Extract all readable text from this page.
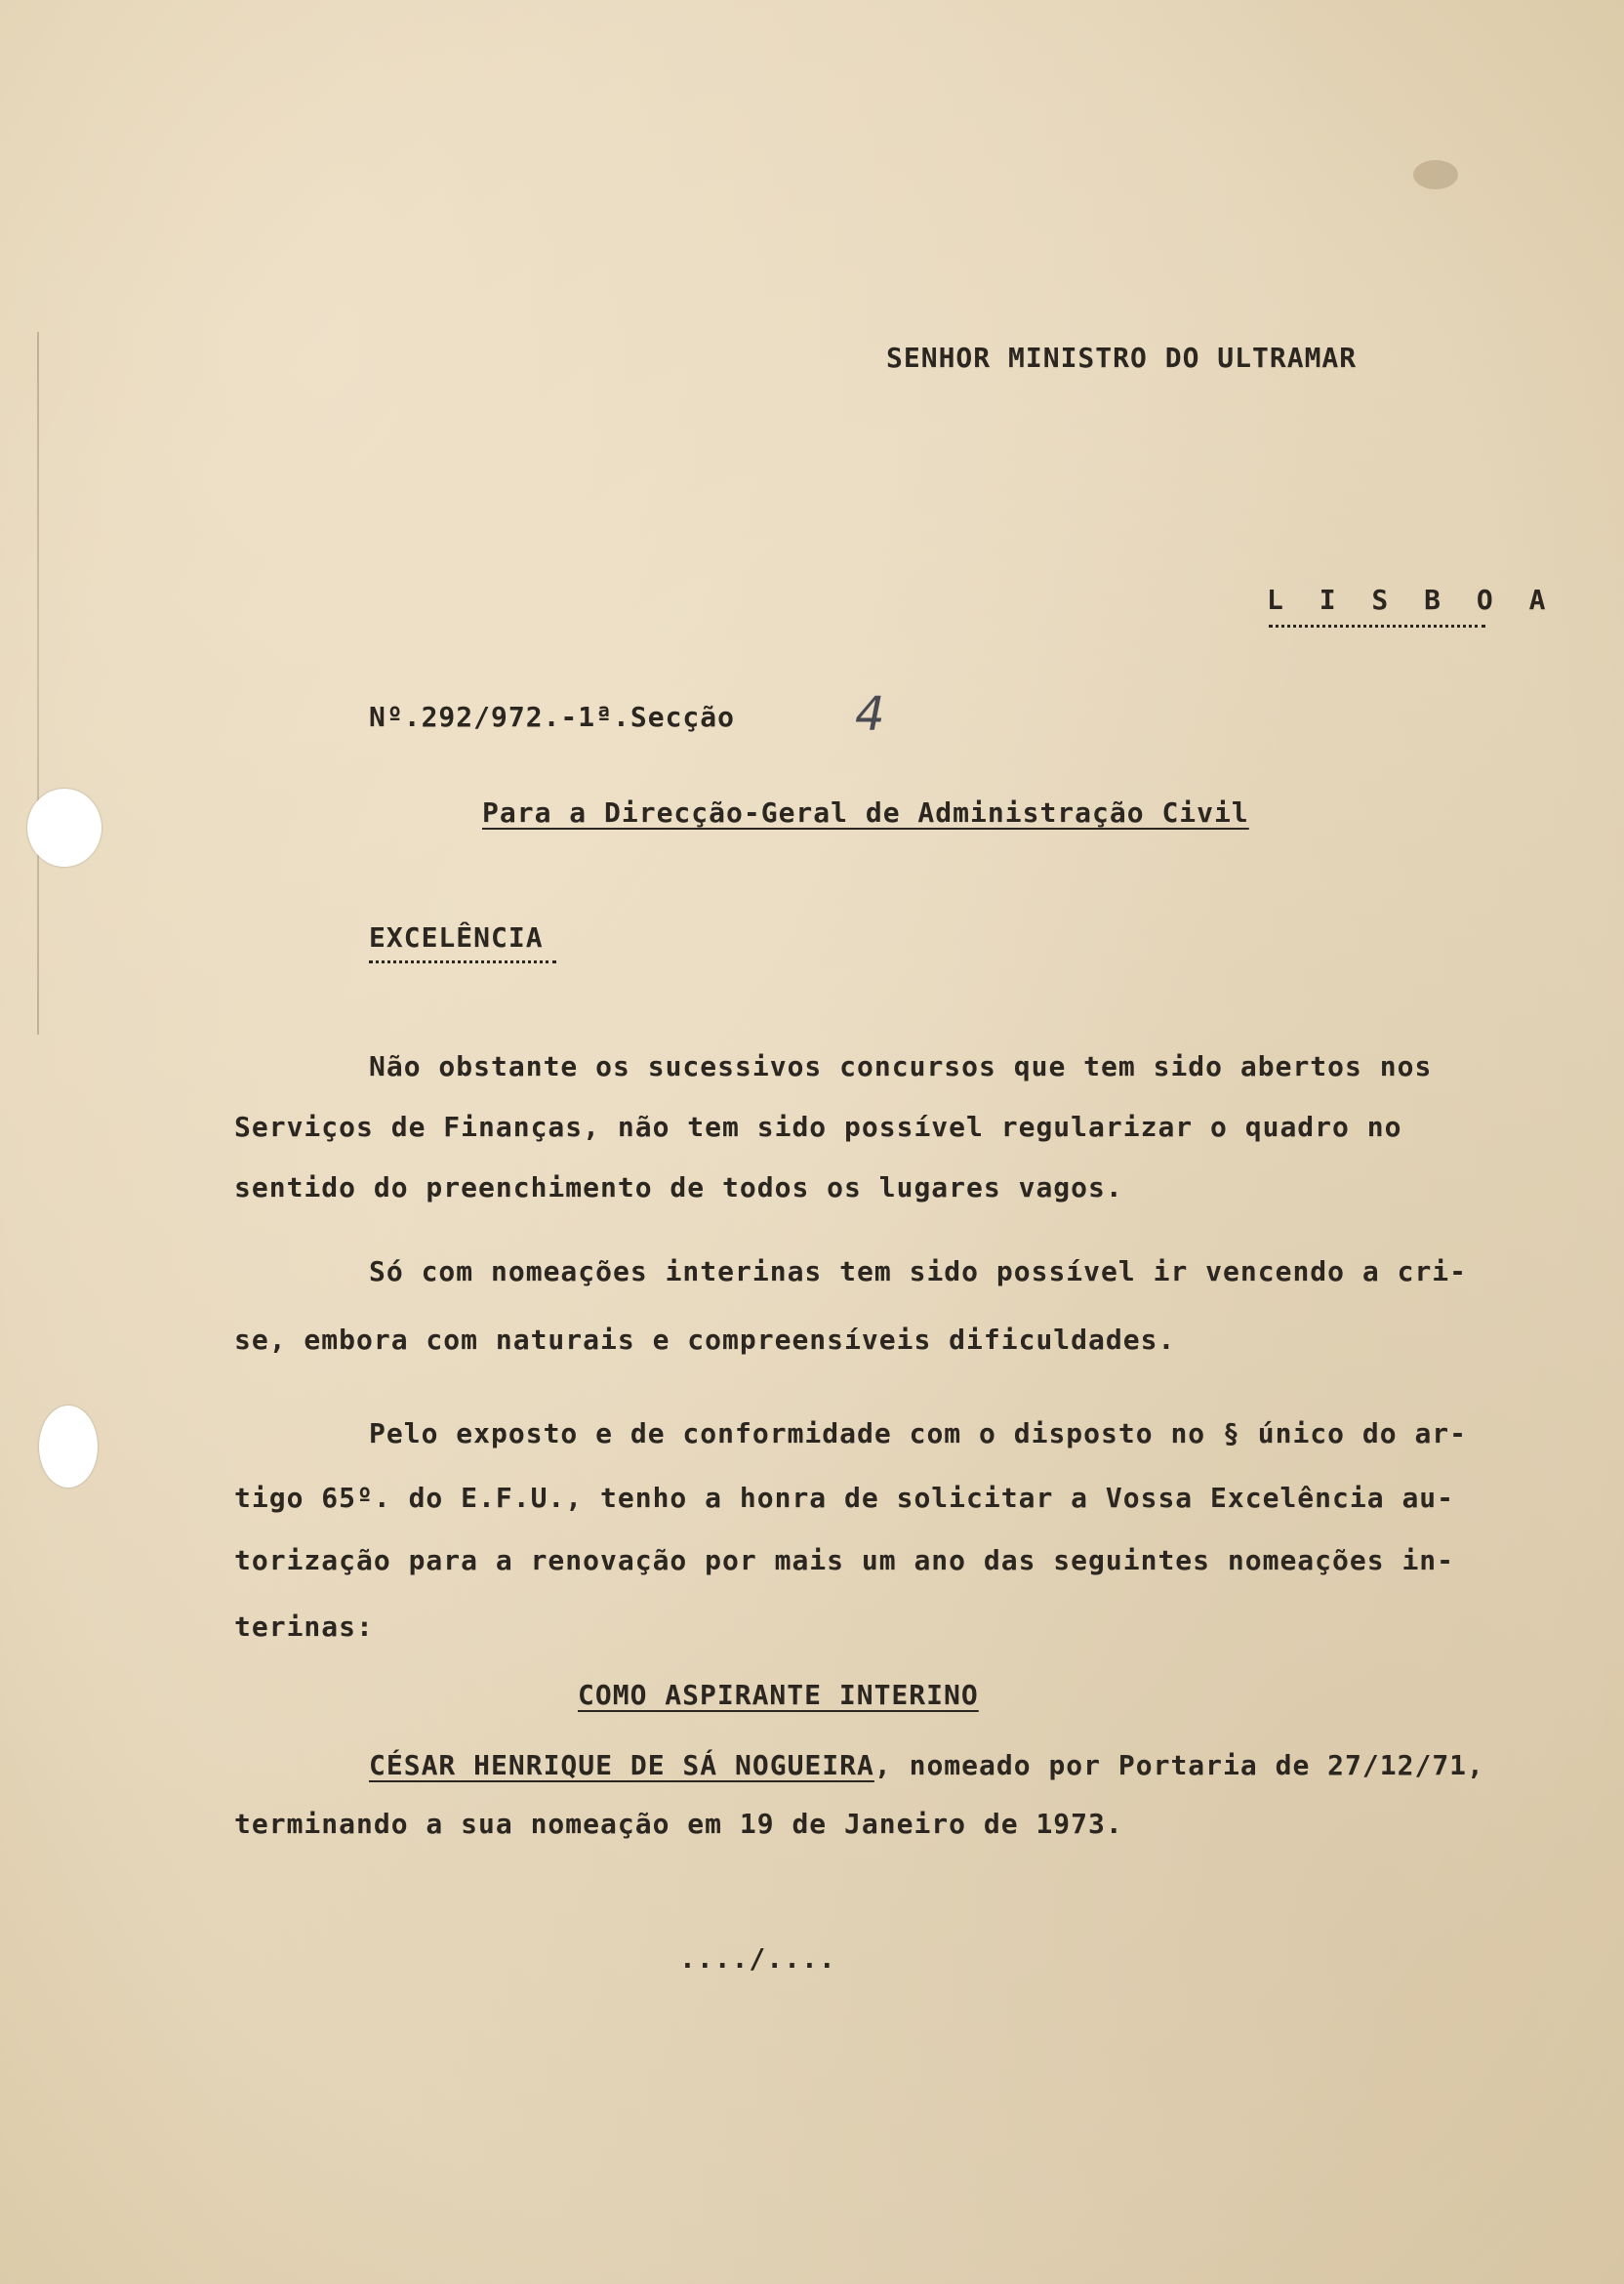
SENHOR MINISTRO DO ULTRAMAR
L I S B O A
Nº.292/972.-1ª.Secção	4
Para a Direcção-Geral de Administração Civil
EXCELÊNCIA
Não obstante os sucessivos concursos que tem sido abertos nos
Serviços de Finanças, não tem sido possível regularizar o quadro no
sentido do preenchimento de todos os lugares vagos.
Só com nomeações interinas tem sido possível ir vencendo a cri-
se, embora com naturais e compreensíveis dificuldades.
Pelo exposto e de conformidade com o disposto no § único do ar-
tigo 65º. do E.F.U., tenho a honra de solicitar a Vossa Excelência au-
torização para a renovação por mais um ano das seguintes nomeações in-
terinas:
COMO ASPIRANTE INTERINO
CÉSAR HENRIQUE DE SÁ NOGUEIRA, nomeado por Portaria de 27/12/71,
terminando a sua nomeação em 19 de Janeiro de 1973.
..../....
